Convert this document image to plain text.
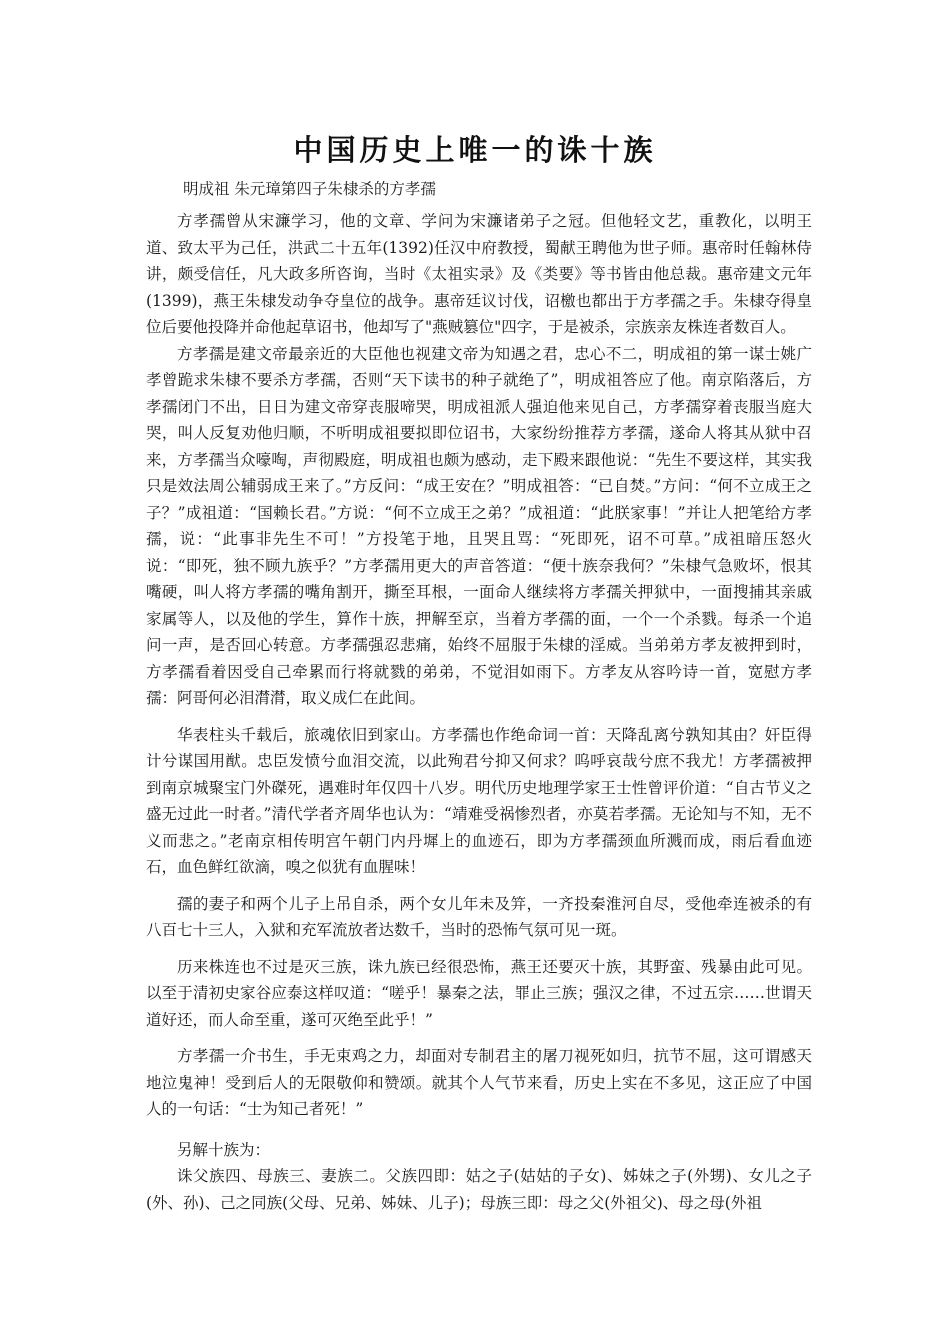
中国历史上唯一的诛十族
明成祖 朱元璋第四子朱棣杀的方孝孺

方孝孺曾从宋濂学习，他的文章、学问为宋濂诸弟子之冠。但他轻文艺，重教化，以明王道、致太平为己任，洪武二十五年(1392)任汉中府教授，蜀献王聘他为世子师。惠帝时任翰林侍讲，颇受信任，凡大政多所咨询，当时《太祖实录》及《类要》等书皆由他总裁。惠帝建文元年(1399)，燕王朱棣发动争夺皇位的战争。惠帝廷议讨伐，诏檄也都出于方孝孺之手。朱棣夺得皇位后要他投降并命他起草诏书，他却写了"燕贼篡位"四字，于是被杀，宗族亲友株连者数百人。

方孝孺是建文帝最亲近的大臣他也视建文帝为知遇之君，忠心不二，明成祖的第一谋士姚广孝曾跪求朱棣不要杀方孝孺，否则“天下读书的种子就绝了”，明成祖答应了他。南京陷落后，方孝孺闭门不出，日日为建文帝穿丧服啼哭，明成祖派人强迫他来见自己，方孝孺穿着丧服当庭大哭，叫人反复劝他归顺，不听明成祖要拟即位诏书，大家纷纷推荐方孝孺，遂命人将其从狱中召来，方孝孺当众嚎啕，声彻殿庭，明成祖也颇为感动，走下殿来跟他说：“先生不要这样，其实我只是效法周公辅弱成王来了。”方反问：“成王安在？”明成祖答：“已自焚。”方问：“何不立成王之子？”成祖道：“国赖长君。”方说：“何不立成王之弟？”成祖道：“此朕家事！”并让人把笔给方孝孺，说：“此事非先生不可！”方投笔于地，且哭且骂：“死即死，诏不可草。”成祖暗压怒火说：“即死，独不顾九族乎？”方孝孺用更大的声音答道：“便十族奈我何？”朱棣气急败坏，恨其嘴硬，叫人将方孝孺的嘴角割开，撕至耳根，一面命人继续将方孝孺关押狱中，一面搜捕其亲戚家属等人，以及他的学生，算作十族，押解至京，当着方孝孺的面，一个一个杀戮。每杀一个追问一声，是否回心转意。方孝孺强忍悲痛，始终不屈服于朱棣的淫威。当弟弟方孝友被押到时，方孝孺看着因受自己牵累而行将就戮的弟弟，不觉泪如雨下。方孝友从容吟诗一首，宽慰方孝孺：阿哥何必泪潸潸，取义成仁在此间。

华表柱头千载后，旅魂依旧到家山。方孝孺也作绝命词一首：天降乱离兮孰知其由？奸臣得计兮谋国用猷。忠臣发愤兮血泪交流，以此殉君兮抑又何求？呜呼哀哉兮庶不我尤！方孝孺被押到南京城聚宝门外磔死，遇难时年仅四十八岁。明代历史地理学家王士性曾评价道：“自古节义之盛无过此一时者。”清代学者齐周华也认为：“靖难受祸惨烈者，亦莫若孝孺。无论知与不知，无不义而悲之。”老南京相传明宫午朝门内丹墀上的血迹石，即为方孝孺颈血所溅而成，雨后看血迹石，血色鲜红欲滴，嗅之似犹有血腥味！

孺的妻子和两个儿子上吊自杀，两个女儿年未及笄，一齐投秦淮河自尽，受他牵连被杀的有八百七十三人，入狱和充军流放者达数千，当时的恐怖气氛可见一斑。

历来株连也不过是灭三族，诛九族已经很恐怖，燕王还要灭十族，其野蛮、残暴由此可见。以至于清初史家谷应泰这样叹道：“嗟乎！暴秦之法，罪止三族；强汉之律，不过五宗……世谓天道好还，而人命至重，遂可灭绝至此乎！”

方孝孺一介书生，手无束鸡之力，却面对专制君主的屠刀视死如归，抗节不屈，这可谓感天地泣鬼神！受到后人的无限敬仰和赞颂。就其个人气节来看，历史上实在不多见，这正应了中国人的一句话：“士为知己者死！”

另解十族为：

诛父族四、母族三、妻族二。父族四即：姑之子(姑姑的子女)、姊妹之子(外甥)、女儿之子(外、孙)、己之同族(父母、兄弟、姊妹、儿子)；母族三即：母之父(外祖父)、母之母(外祖
